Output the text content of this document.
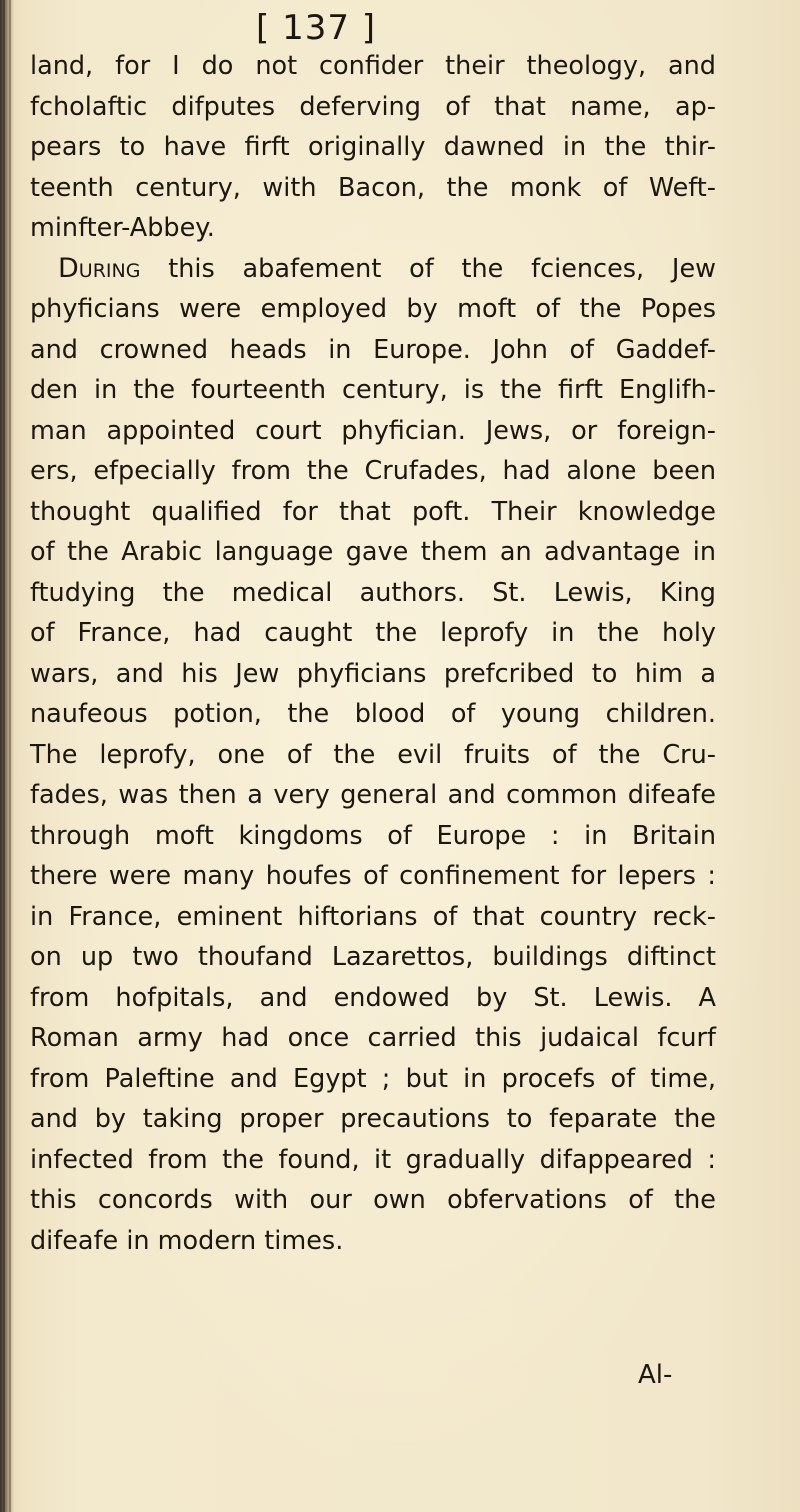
[ 137 ]
land, for I do not confider their theology, and
fcholaftic difputes deferving of that name, ap-
pears to have firft originally dawned in the thir-
teenth century, with Bacon, the monk of Weft-
minfter-Abbey.
During this abafement of the fciences, Jew
phyficians were employed by moft of the Popes
and crowned heads in Europe. John of Gaddef-
den in the fourteenth century, is the firft Englifh-
man appointed court phyfician. Jews, or foreign-
ers, efpecially from the Crufades, had alone been
thought qualified for that poft. Their knowledge
of the Arabic language gave them an advantage in
ftudying the medical authors. St. Lewis, King
of France, had caught the leprofy in the holy
wars, and his Jew phyficians prefcribed to him a
naufeous potion, the blood of young children.
The leprofy, one of the evil fruits of the Cru-
fades, was then a very general and common difeafe
through moft kingdoms of Europe : in Britain
there were many houfes of confinement for lepers :
in France, eminent hiftorians of that country reck-
on up two thoufand Lazarettos, buildings diftinct
from hofpitals, and endowed by St. Lewis. A
Roman army had once carried this judaical fcurf
from Paleftine and Egypt ; but in procefs of time,
and by taking proper precautions to feparate the
infected from the found, it gradually difappeared :
this concords with our own obfervations of the
difeafe in modern times.
Al-
